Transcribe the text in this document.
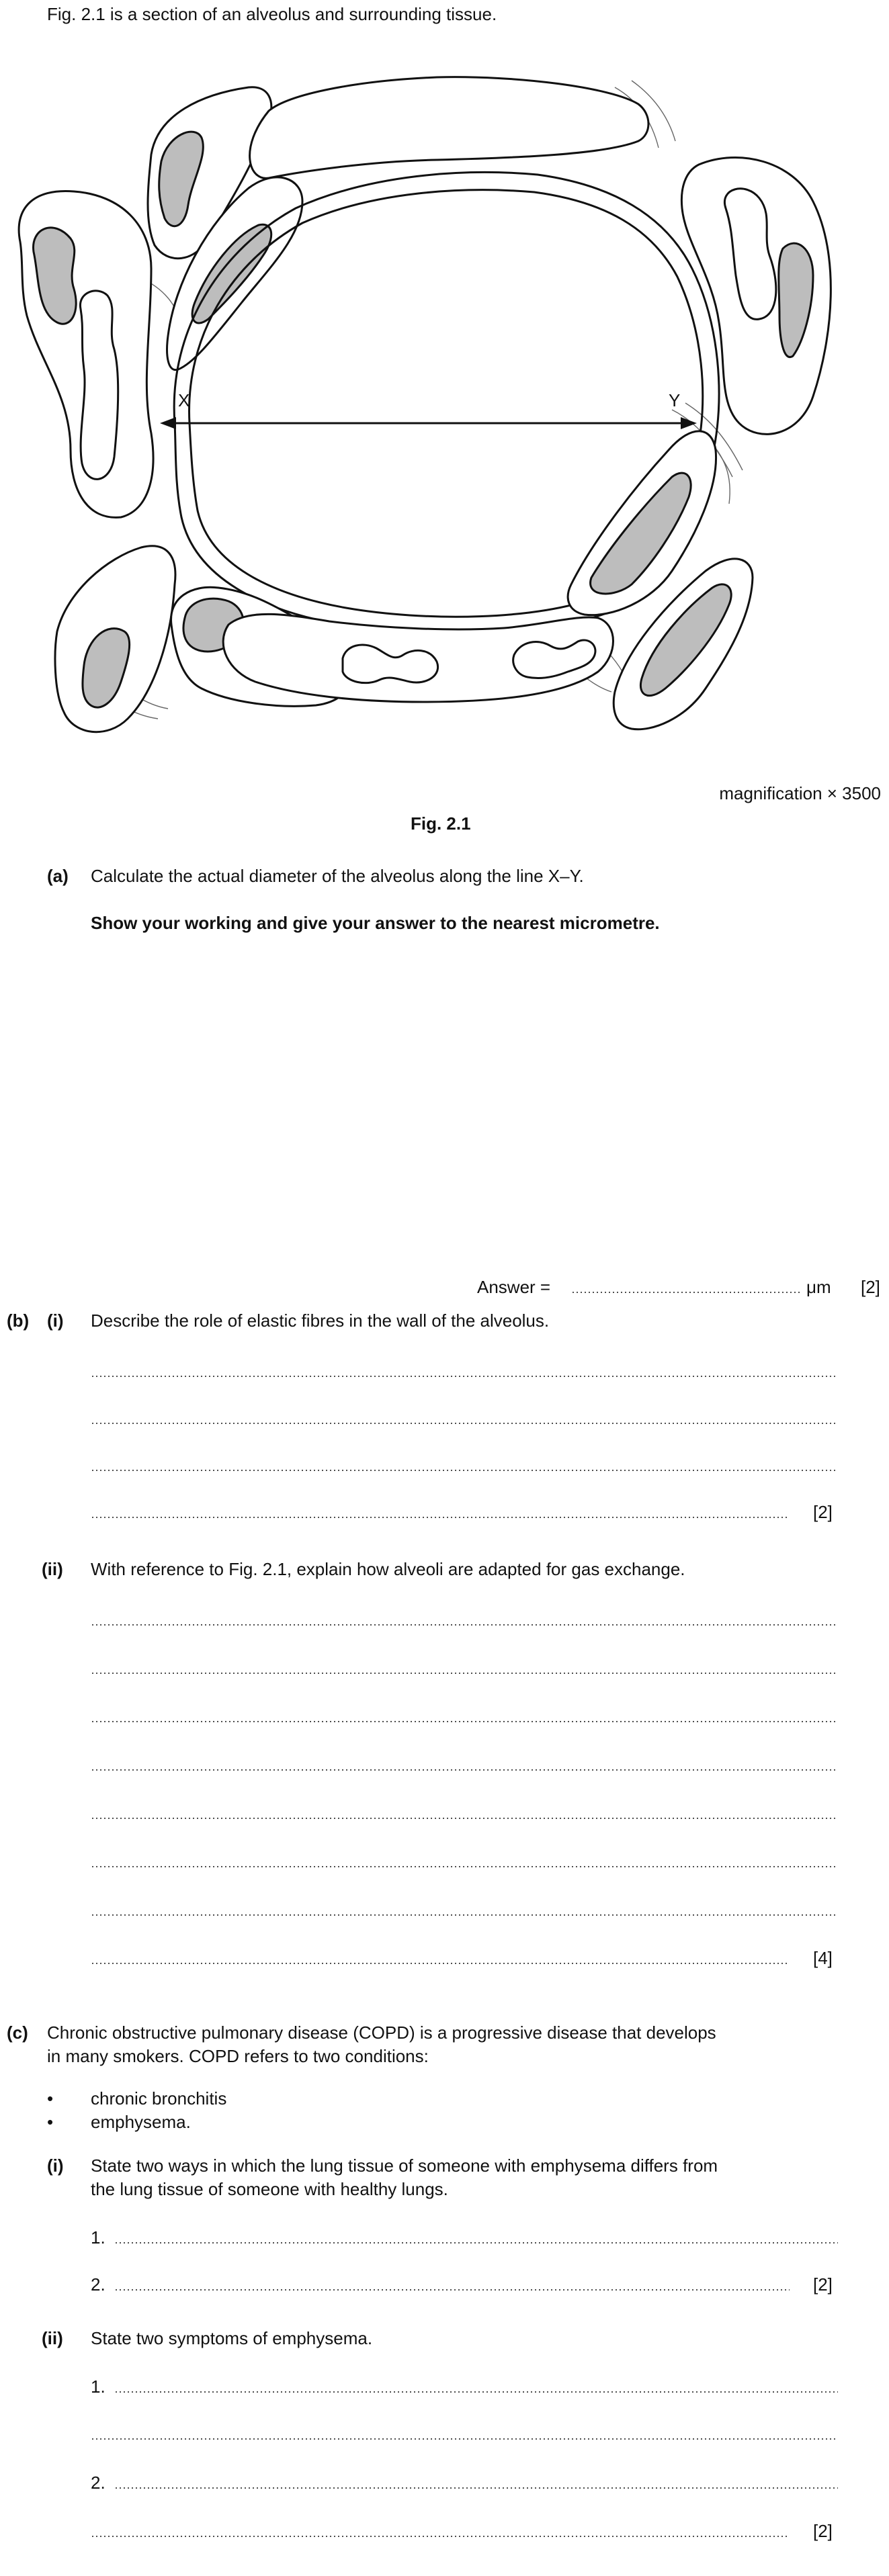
Fig. 2.1 is a section of an alveolus and surrounding tissue.
X	Y
magnification × 3500
Fig. 2.1
(a) Calculate the actual diameter of the alveolus along the line X–Y.
Show your working and give your answer to the nearest micrometre.
Answer =	μm [2]
(b) (i) Describe the role of elastic fibres in the wall of the alveolus.
[2]
(ii) With reference to Fig. 2.1, explain how alveoli are adapted for gas exchange.
[4]
(c) Chronic obstructive pulmonary disease (COPD) is a progressive disease that develops
in many smokers. COPD refers to two conditions:
• chronic bronchitis
• emphysema.
(i) State two ways in which the lung tissue of someone with emphysema differs from
the lung tissue of someone with healthy lungs.
1.
2.	[2]
(ii) State two symptoms of emphysema.
1.
2.
[2]
